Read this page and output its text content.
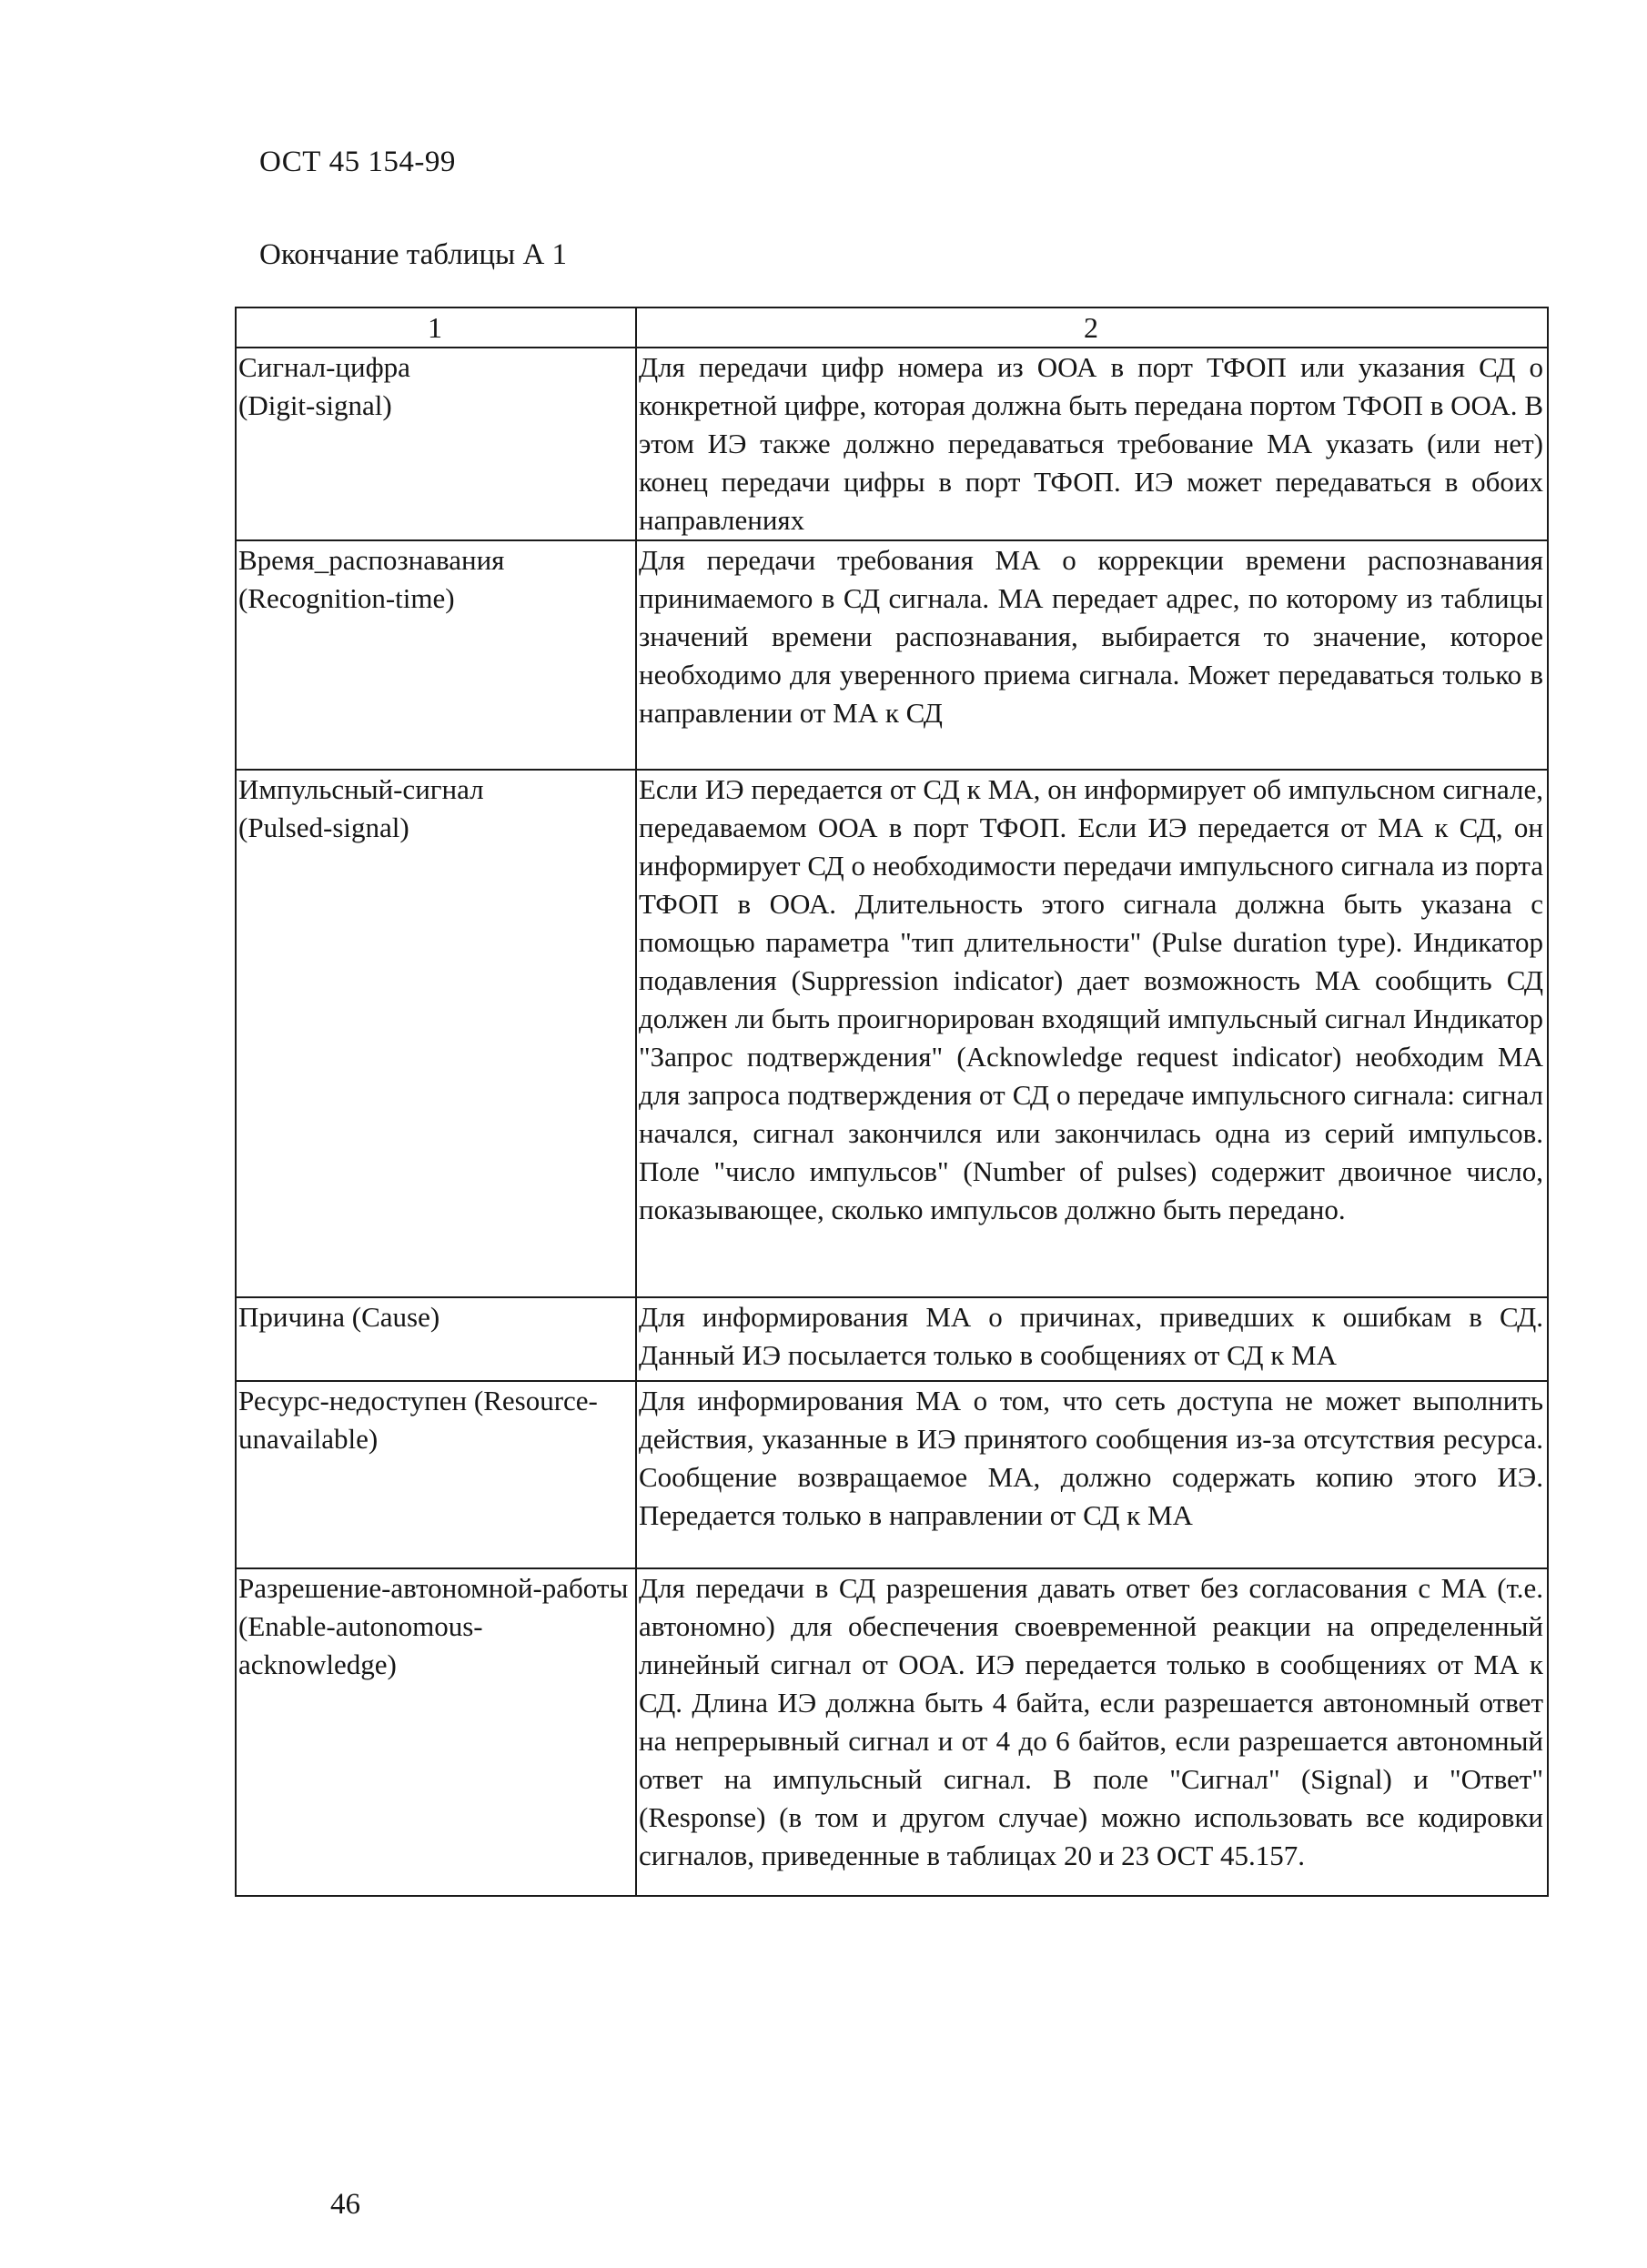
ОСТ 45 154-99
Окончание таблицы А 1
1	2
Сигнал-цифра
(Digit-signal)	Для передачи цифр номера из ООА в порт ТФОП или указания СД о конкретной цифре, которая должна быть передана портом ТФОП в ООА. В этом ИЭ также должно передаваться требование МА указать (или нет) конец передачи цифры в порт ТФОП. ИЭ может передаваться в обоих направлениях
Время_распознавания
(Recognition-time)	Для передачи требования МА о коррекции времени распознавания принимаемого в СД сигнала. МА передает адрес, по которому из таблицы значений времени распознавания, выбирается то значение, которое необходимо для уверенного приема сигнала. Может передаваться только в направлении от МА к СД
Импульсный-сигнал
(Pulsed-signal)	Если ИЭ передается от СД к МА, он информирует об импульсном сигнале, передаваемом ООА в порт ТФОП. Если ИЭ передается от МА к СД, он информирует СД о необходимости передачи импульсного сигнала из порта ТФОП в ООА. Длительность этого сигнала должна быть указана с помощью параметра "тип длительности" (Pulse duration type). Индикатор подавления (Suppression indicator) дает возможность МА сообщить СД должен ли быть проигнорирован входящий импульсный сигнал Индикатор "Запрос подтверждения" (Acknowledge request indicator) необходим МА для запроса подтверждения от СД о передаче импульсного сигнала: сигнал начался, сигнал закончился или закончилась одна из серий импульсов. Поле "число импульсов" (Number of pulses) содержит двоичное число, показывающее, сколько импульсов должно быть передано.
Причина (Cause)	Для информирования МА о причинах, приведших к ошибкам в СД. Данный ИЭ посылается только в сообщениях от СД к МА
Ресурс-недоступен (Resource-unavailable)	Для информирования МА о том, что сеть доступа не может выполнить действия, указанные в ИЭ принятого сообщения из-за отсутствия ресурса. Сообщение возвращаемое МА, должно содержать копию этого ИЭ. Передается только в направлении от СД к МА
Разрешение-автономной-работы
(Enable-autonomous-acknowledge)	Для передачи в СД разрешения давать ответ без согласования с МА (т.е. автономно) для обеспечения своевременной реакции на определенный линейный сигнал от ООА. ИЭ передается только в сообщениях от МА к СД. Длина ИЭ должна быть 4 байта, если разрешается автономный ответ на непрерывный сигнал и от 4 до 6 байтов, если разрешается автономный ответ на импульсный сигнал. В поле "Сигнал" (Signal) и "Ответ" (Response) (в том и другом случае) можно использовать все кодировки сигналов, приведенные в таблицах 20 и 23 ОСТ 45.157.
46
